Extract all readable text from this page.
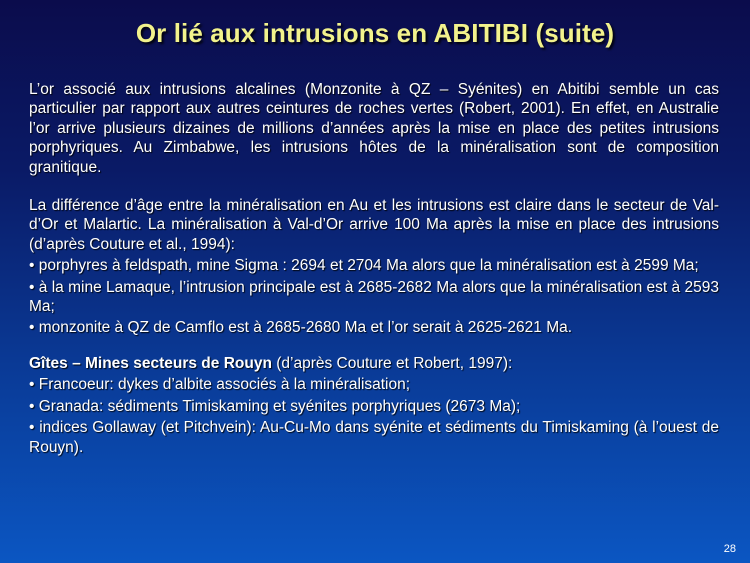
Or lié aux intrusions en ABITIBI (suite)

L’or associé aux intrusions alcalines (Monzonite à QZ – Syénites) en Abitibi semble un cas particulier par rapport aux autres ceintures de roches vertes (Robert, 2001). En effet, en Australie l’or arrive plusieurs dizaines de millions d’années après la mise en place des petites intrusions porphyriques. Au Zimbabwe, les intrusions hôtes de la minéralisation sont de composition granitique.

La différence d’âge entre la minéralisation en Au et les intrusions est claire dans le secteur de Val-d’Or et Malartic. La minéralisation à Val-d’Or arrive 100 Ma après la mise en place des intrusions (d’après Couture et al., 1994):

• porphyres à feldspath, mine Sigma : 2694 et 2704 Ma alors que la minéralisation est à 2599 Ma;

• à la mine Lamaque, l’intrusion principale est à 2685-2682 Ma alors que la minéralisation est à 2593 Ma;

• monzonite à QZ de Camflo est à 2685-2680 Ma et l’or serait à 2625-2621 Ma.

Gîtes – Mines secteurs de Rouyn (d’après Couture et Robert, 1997):

• Francoeur: dykes d’albite associés à la minéralisation;

• Granada: sédiments Timiskaming et syénites porphyriques (2673 Ma);

• indices Gollaway (et Pitchvein): Au-Cu-Mo dans syénite et sédiments du Timiskaming (à l’ouest de Rouyn).

28
